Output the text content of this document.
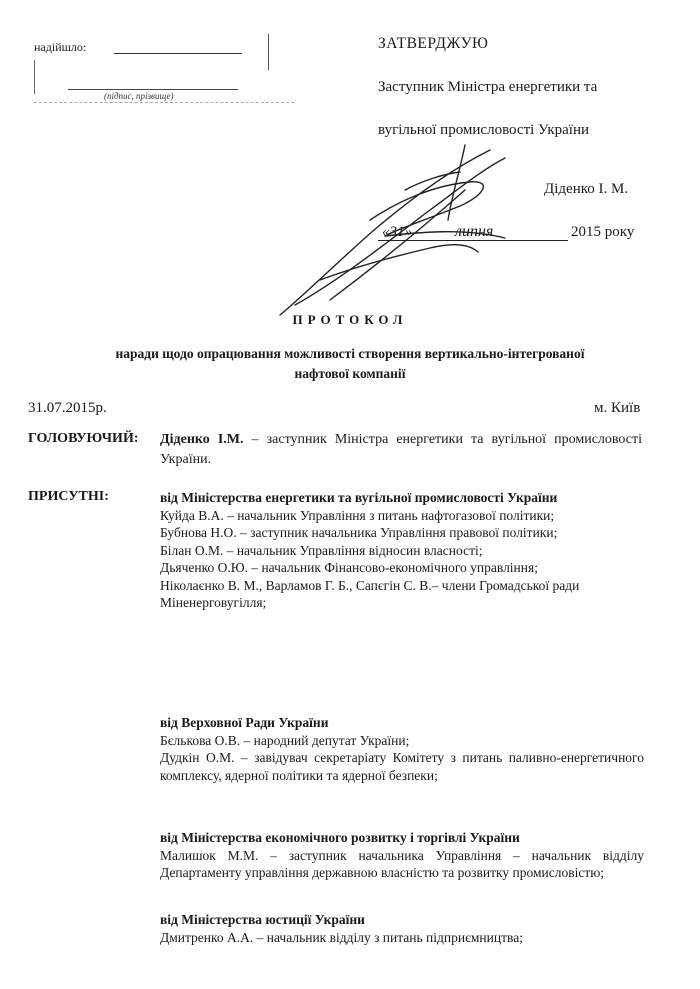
надійшло:
(підпис, прізвище)
ЗАТВЕРДЖУЮ
Заступник Міністра енергетики та
вугільної промисловості України
Діденко І. М.
«31»	липня	2015 року
ПРОТОКОЛ
наради щодо опрацювання можливості створення вертикально-інтегрованої
нафтової компанії
31.07.2015р.	м. Київ
ГОЛОВУЮЧИЙ: Діденко І.М. – заступник Міністра енергетики та вугільної промисловості України.
ПРИСУТНІ:	від Міністерства енергетики та вугільної промисловості України

Куйда В.А. – начальник Управління з питань нафтогазової політики;

Бубнова Н.О. – заступник начальника Управління правової політики;

Білан О.М. – начальник Управління відносин власності;

Дьяченко О.Ю. – начальник Фінансово-економічного управління;

Ніколаєнко В. М., Варламов Г. Б., Сапєгін С. В.– члени Громадської ради Міненерговугілля;

від Верховної Ради України

Бєлькова О.В. – народний депутат України;

Дудкін О.М. – завідувач секретаріату Комітету з питань паливно-енергетичного комплексу, ядерної політики та ядерної безпеки;

від Міністерства економічного розвитку і торгівлі України

Малишок М.М. – заступник начальника Управління – начальник відділу Департаменту управління державною власністю та розвитку промисловістю;

від Міністерства юстиції України

Дмитренко А.А. – начальник відділу з питань підприємництва;
